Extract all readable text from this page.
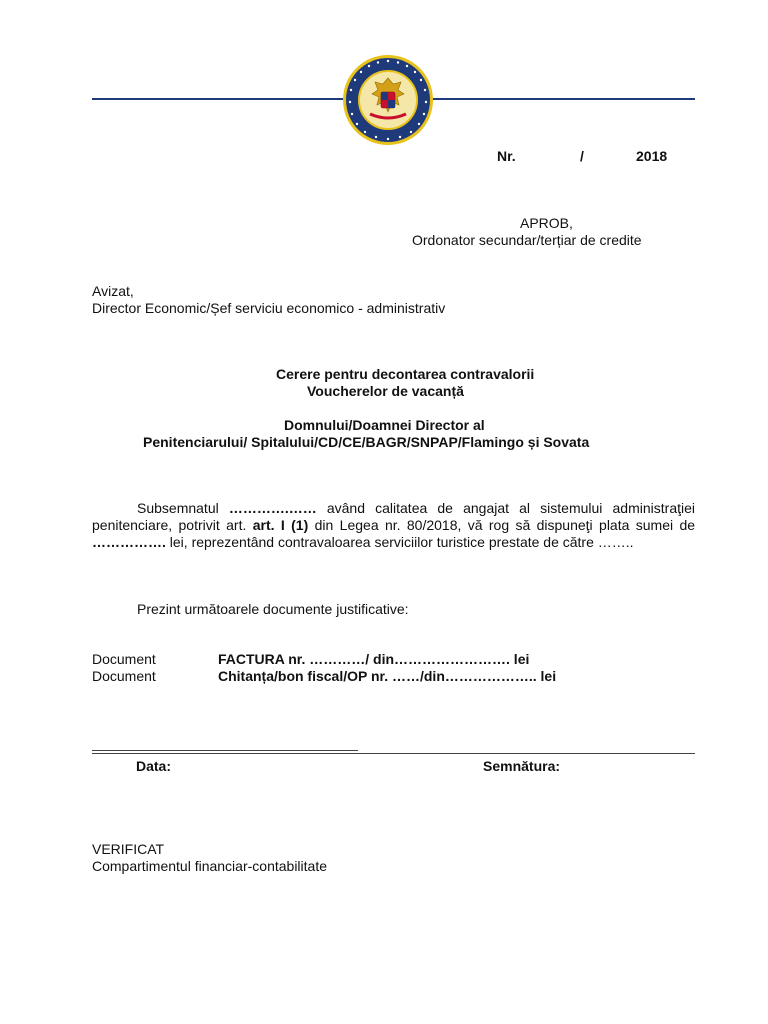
Nr.	/	2018
APROB,
Ordonator secundar/terțiar de credite
Avizat,
Director Economic/Șef serviciu economico - administrativ
Cerere pentru decontarea contravalorii
Voucherelor de vacanță
Domnului/Doamnei Director al
Penitenciarului/ Spitalului/CD/CE/BAGR/SNPAP/Flamingo și Sovata
Subsemnatul ………….…… având calitatea de angajat al sistemului administraţiei penitenciare, potrivit art. art. I (1) din Legea nr. 80/2018, vă rog să dispuneţi plata sumei de ……………. lei, reprezentând contravaloarea serviciilor turistice prestate de către ……..
Prezint următoarele documente justificative:
Document	FACTURA nr. …………/ din……………………. lei
Document	Chitanța/bon fiscal/OP nr. ……/din……………….. lei
Data:	Semnătura:
VERIFICAT
Compartimentul financiar-contabilitate
